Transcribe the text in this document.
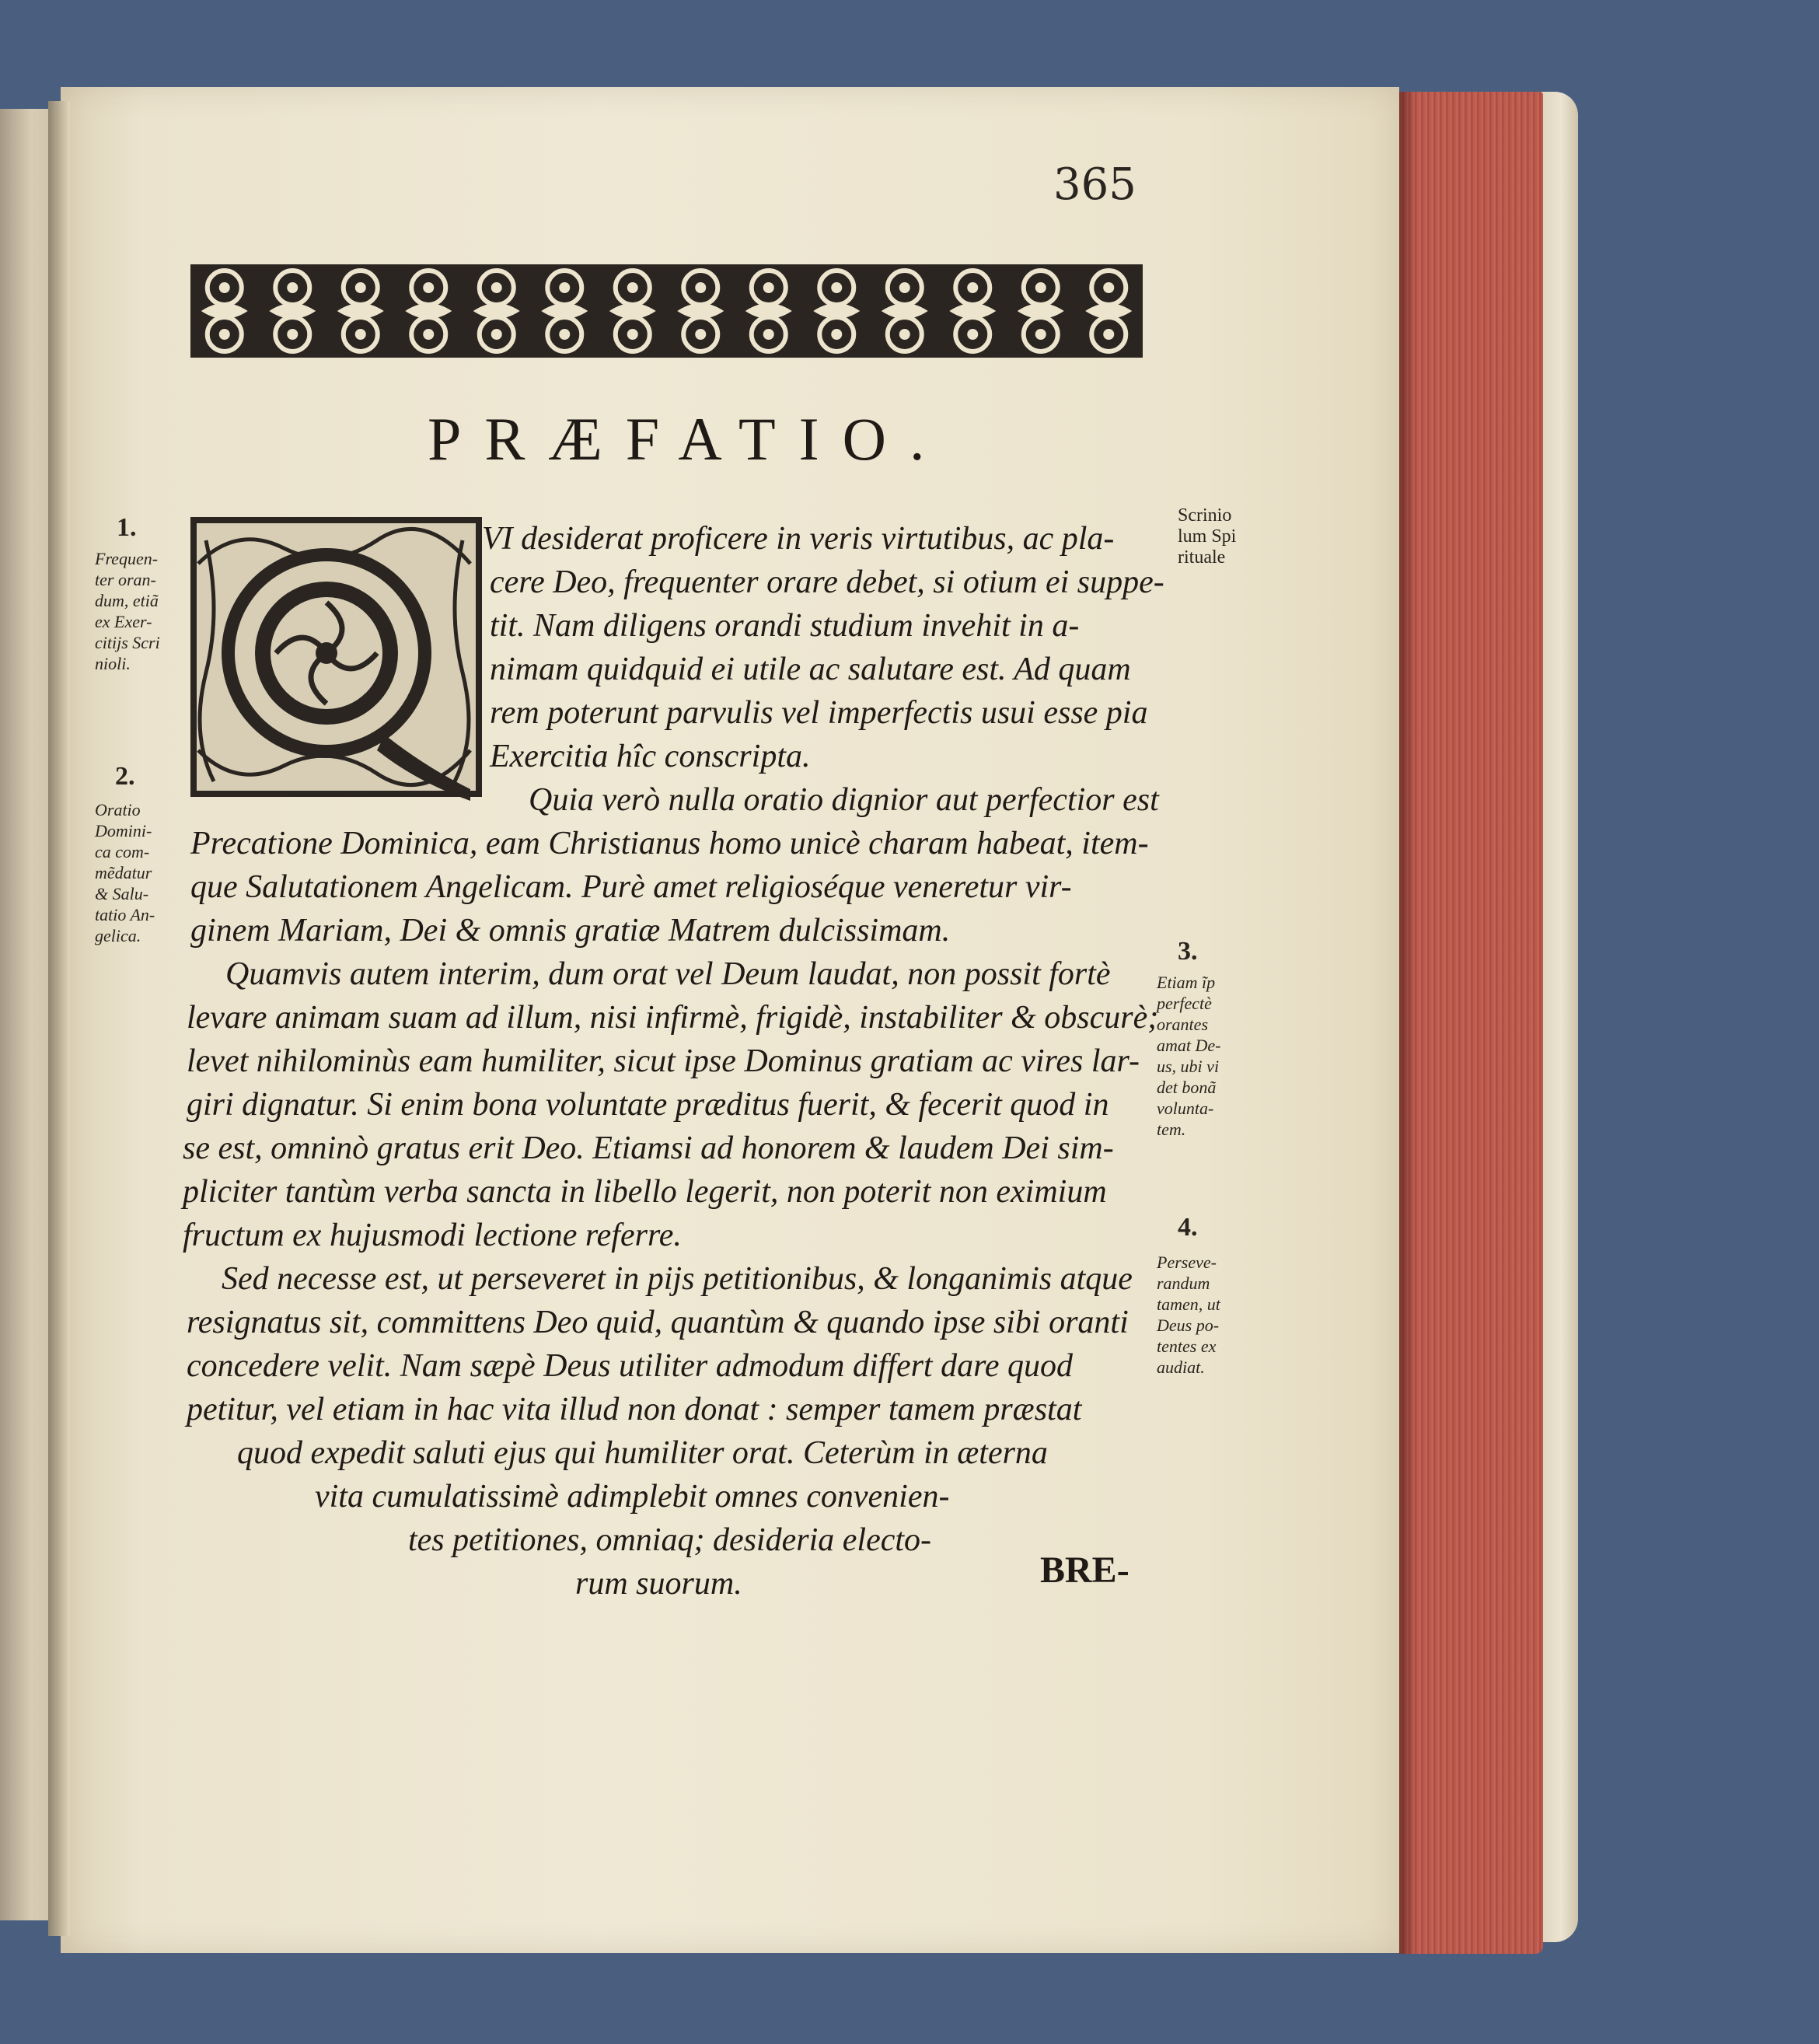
365
PRÆFATIO.
VI desiderat proficere in veris virtutibus, ac pla-
cere Deo, frequenter orare debet, si otium ei suppe-
tit. Nam diligens orandi studium invehit in a-
nimam quidquid ei utile ac salutare est. Ad quam
rem poterunt parvulis vel imperfectis usui esse pia
Exercitia hîc conscripta.
Quia verò nulla oratio dignior aut perfectior est
Precatione Dominica, eam Christianus homo unicè charam habeat, item-
que Salutationem Angelicam. Purè amet religioséque veneretur vir-
ginem Mariam, Dei & omnis gratiæ Matrem dulcissimam.
Quamvis autem interim, dum orat vel Deum laudat, non possit fortè
levare animam suam ad illum, nisi infirmè, frigidè, instabiliter & obscurè;
levet nihilominùs eam humiliter, sicut ipse Dominus gratiam ac vires lar-
giri dignatur. Si enim bona voluntate præditus fuerit, & fecerit quod in
se est, omninò gratus erit Deo. Etiamsi ad honorem & laudem Dei sim-
pliciter tantùm verba sancta in libello legerit, non poterit non eximium
fructum ex hujusmodi lectione referre.
Sed necesse est, ut perseveret in pijs petitionibus, & longanimis atque
resignatus sit, committens Deo quid, quantùm & quando ipse sibi oranti
concedere velit. Nam sæpè Deus utiliter admodum differt dare quod
petitur, vel etiam in hac vita illud non donat : semper tamem præstat
quod expedit saluti ejus qui humiliter orat. Ceterùm in æterna
vita cumulatissimè adimplebit omnes convenien-
tes petitiones, omniaq; desideria electo-
rum suorum.
1.
Frequen-
ter oran-
dum, etiã
ex Exer-
citijs Scri
nioli.
2.
Oratio
Domini-
ca com-
mẽdatur
& Salu-
tatio An-
gelica.
Scrinio
lum Spi
rituale
3.
Etiam ĩp
perfectè
orantes
amat De-
us, ubi vi
det bonã
volunta-
tem.
4.
Perseve-
randum
tamen, ut
Deus po-
tentes ex
audiat.
BRE-
